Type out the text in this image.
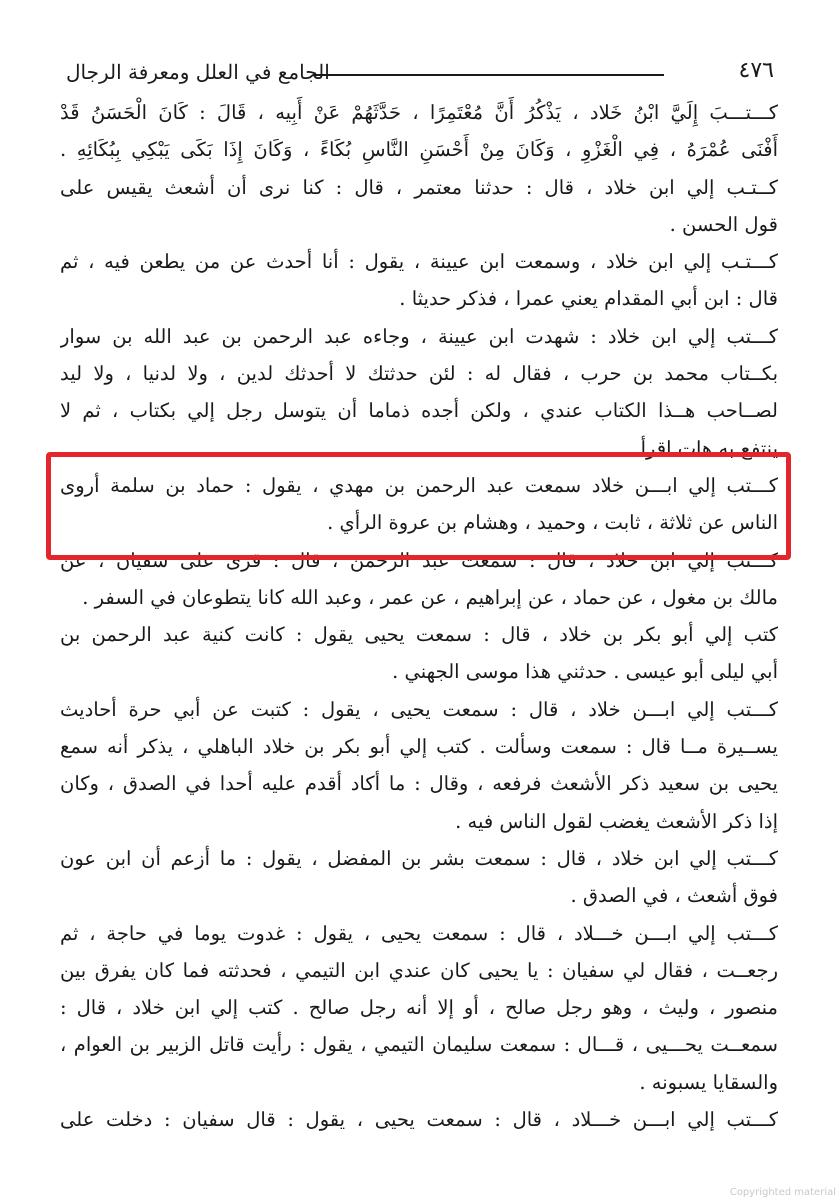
الجامع في العلل ومعرفة الرجال	٤٧٦
كـــتـــبَ إِلَيَّ ابْنُ خَلاد ، يَذْكُرُ أَنَّ مُعْتَمِرًا ، حَدَّثَهُمْ عَنْ أَبِيه ، قَالَ : كَانَ الْحَسَنُ قَدْ
أَفْنَى عُمْرَهُ ، فِي الْغَزْوِ ، وَكَانَ مِنْ أَحْسَنِ النَّاسِ بُكَاءً ، وَكَانَ إِذَا بَكَى يَبْكِي بِبُكَائِهِ .
كــتـب إلي ابن خلاد ، قال : حدثنا معتمر ، قال : كنا نرى أن أشعث يقيس على
قول الحسن .
كـــتـب إلي ابن خلاد ، وسمعت ابن عيينة ، يقول : أنا أحدث عن من يطعن فيه ، ثم
قال : ابن أبي المقدام يعني عمرا ، فذكر حديثا .
كـــتب إلي ابن خلاد : شهدت ابن عيينة ، وجاءه عبد الرحمن بن عبد الله بن سوار
بكــتاب محمد بن حرب ، فقال له : لئن حدثتك لا أحدثك لدين ، ولا لدنيا ، ولا ليد
لصــاحب هــذا الكتاب عندي ، ولكن أجده ذماما أن يتوسل رجل إلي بكتاب ، ثم لا
ينتفع به هات اقرأ .
كـــتب إلي ابـــن خلاد سمعت عبد الرحمن بن مهدي ، يقول : حماد بن سلمة أروى
الناس عن ثلاثة ، ثابت ، وحميد ، وهشام بن عروة الرأي .
كـــتب إلي ابن خلاد ، قال : سمعت عبد الرحمن ، قال : قرئ على سفيان ، عن
مالك بن مغول ، عن حماد ، عن إبراهيم ، عن عمر ، وعبد الله كانا يتطوعان في السفر .
كتب إلي أبو بكر بن خلاد ، قال : سمعت يحيى يقول : كانت كنية عبد الرحمن بن
أبي ليلى أبو عيسى . حدثني هذا موسى الجهني .
كـــتب إلي ابـــن خلاد ، قال : سمعت يحيى ، يقول : كتبت عن أبي حرة أحاديث
يســيرة مــا قال : سمعت وسألت . كتب إلي أبو بكر بن خلاد الباهلي ، يذكر أنه سمع
يحيى بن سعيد ذكر الأشعث فرفعه ، وقال : ما أكاد أقدم عليه أحدا في الصدق ، وكان
إذا ذكر الأشعث يغضب لقول الناس فيه .
كـــتب إلي ابن خلاد ، قال : سمعت بشر بن المفضل ، يقول : ما أزعم أن ابن عون
فوق أشعث ، في الصدق .
كـــتب إلي ابـــن خـــلاد ، قال : سمعت يحيى ، يقول : غدوت يوما في حاجة ، ثم
رجعــت ، فقال لي سفيان : يا يحيى كان عندي ابن التيمي ، فحدثته فما كان يفرق بين
منصور ، وليث ، وهو رجل صالح ، أو إلا أنه رجل صالح . كتب إلي ابن خلاد ، قال :
سمعــت يحـــيى ، قـــال : سمعت سليمان التيمي ، يقول : رأيت قاتل الزبير بن العوام ،
والسقايا يسبونه .
كـــتب إلي ابـــن خـــلاد ، قال : سمعت يحيى ، يقول : قال سفيان : دخلت على
Copyrighted material
